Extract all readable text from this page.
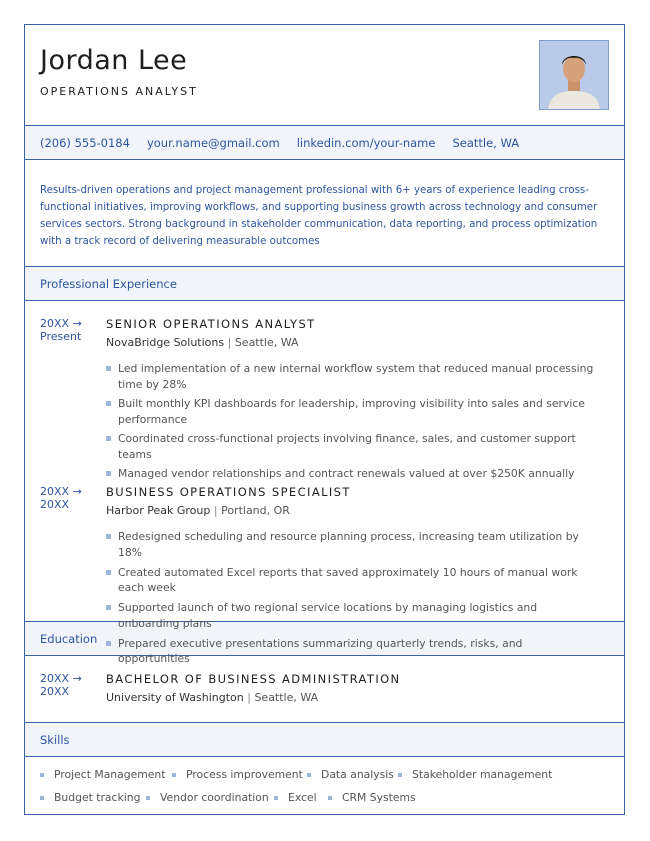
Jordan Lee
OPERATIONS ANALYST
(206) 555-0184 your.name@gmail.com linkedin.com/your-name Seattle, WA
Results-driven operations and project management professional with 6+ years of experience leading cross-functional initiatives, improving workflows, and supporting business growth across technology and consumer services sectors. Strong background in stakeholder communication, data reporting, and process optimization with a track record of delivering measurable outcomes
Professional Experience
20XX →
Present
SENIOR OPERATIONS ANALYST
NovaBridge Solutions | Seattle, WA
Led implementation of a new internal workflow system that reduced manual processing time by 28%
Built monthly KPI dashboards for leadership, improving visibility into sales and service performance
Coordinated cross-functional projects involving finance, sales, and customer support teams
Managed vendor relationships and contract renewals valued at over $250K annually
20XX →
20XX
BUSINESS OPERATIONS SPECIALIST
Harbor Peak Group | Portland, OR
Redesigned scheduling and resource planning process, increasing team utilization by 18%
Created automated Excel reports that saved approximately 10 hours of manual work each week
Supported launch of two regional service locations by managing logistics and onboarding plans
Prepared executive presentations summarizing quarterly trends, risks, and opportunities
Education
20XX →
20XX
BACHELOR OF BUSINESS ADMINISTRATION
University of Washington | Seattle, WA
Skills
Project Management	Process improvement	Data analysis	Stakeholder management
Budget tracking	Vendor coordination	Excel	CRM Systems
